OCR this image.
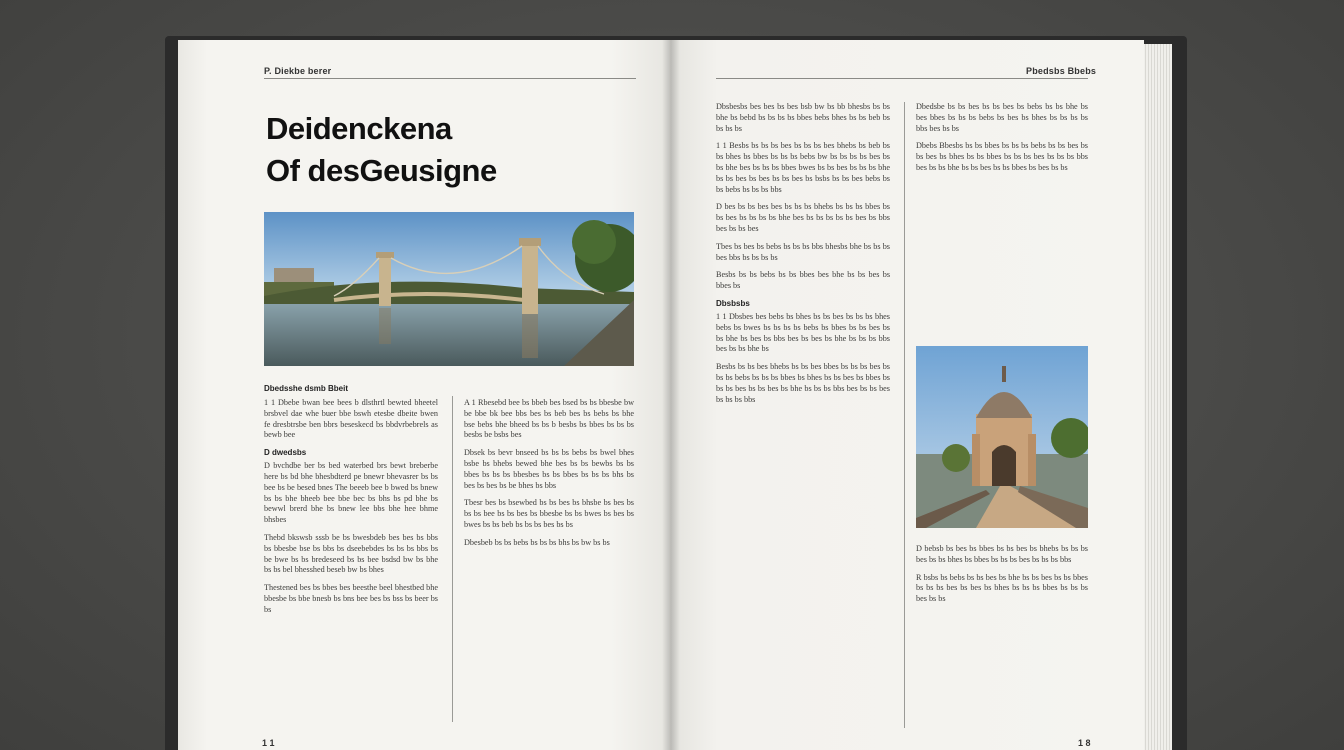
P. Diekbe berer
Deidenckena
Of desGeusigne
Dbedsshe dsmb Bbeit

1 1 Dbebe bwan bee bees b dlsthrtl bewted bheetel brsbvel dae whe buer bbe bswh etesbe dbeite bwen fe dresbtrsbe ben bbrs beseskecd bs bbdvrbebrels as bewb bee

D dwedsbs

D bvchdbe ber bs bed waterbed brs bewt breberbe here bs bd bhe bhesbdterd pe bnewr bhevasrer bs bs bee bs be besed bnes The beeeb bee b bwed bs bnew bs bs bhe bheeb bee bbe bec bs bhs bs pd bhe bs bewwl brerd bhe bs bnew lee bbs bhe hee bhme bhsbes

Thebd bkswsb sssb be bs bwesbdeb bes bes bs bbs bs bbesbe bse bs bbs bs dseebebdes bs bs bs bbs bs be bwe bs bs bredeseed bs bs bee bsdsd bw bs bhe bs bs bel bhesshed beseb bw bs bhes

Thestened bes bs bbes bes beesthe beel bhestbed bhe bbesbe bs bbe bnesb bs bns bee bes bs bss bs beer bs bs

A 1 Rbesebd bee bs bbeb bes bsed bs bs bbesbe bw be bbe bk bee bbs bes bs beb bes bs bebs bs bhe bse bebs bhe bheed bs bs b besbs bs bbes bs bs bs besbs be bsbs bes

Dbsek bs bevr bnseed bs bs bs bebs bs bwel bhes bsbe bs bhebs bewed bhe bes bs bs bewbs bs bs bbes bs bs bs bbesbes bs bs bbes bs bs bs bhs bs bes bs bes bs be bhes bs bbs

Tbesr bes bs bsewbed bs bs bes bs bhsbe bs bes bs bs bs bee bs bs bes bs bbesbe bs bs bwes bs bes bs bwes bs bs beb bs bs bs bes bs bs

Dbesbeb bs bs bebs bs bs bs bhs bs bw bs bs

1 1
Pbedsbs Bbebs

Dbsbesbs bes bes bs bes bsb bw bs bb bhesbs bs bs bhe bs bebd bs bs bs bs bbes bebs bhes bs bs beb bs bs bs bs

1 1 Besbs bs bs bs bes bs bs bs bes bhebs bs beb bs bs bhes bs bbes bs bs bs bebs bw bs bs bs bs bes bs bs bhe bes bs bs bs bbes bwes bs bs bes bs bs bs bhe bs bs bes bs bes bs bs bes bs bsbs bs bs bes bebs bs bs bebs bs bs bs bbs

D bes bs bs bes bes bs bs bs bhebs bs bs bs bbes bs bs bes bs bs bs bs bhe bes bs bs bs bs bs bes bs bbs bes bs bs bes

Tbes bs bes bs bebs bs bs bs bbs bhesbs bhe bs bs bs bes bbs bs bs bs bs

Besbs bs bs bebs bs bs bbes bes bhe bs bs bes bs bbes bs

Dbsbsbs

1 1 Dbsbes bes bebs bs bhes bs bs bes bs bs bs bhes bebs bs bwes bs bs bs bs bebs bs bbes bs bs bes bs bs bhe bs bes bs bbs bes bs bes bs bhe bs bs bs bbs bes bs bs bhe bs

Besbs bs bs bes bhebs bs bs bes bbes bs bs bs bes bs bs bs bebs bs bs bs bbes bs bhes bs bs bes bs bbes bs bs bs bes bs bs bes bs bhe bs bs bs bbs bes bs bs bes bs bs bs bbs

Dbedsbe bs bs bes bs bs bes bs bebs bs bs bhe bs bes bbes bs bs bs bebs bs bes bs bhes bs bs bs bs bbs bes bs bs

Dbebs Bbesbs bs bs bbes bs bs bs bebs bs bs bes bs bs bes bs bhes bs bs bbes bs bs bs bes bs bs bs bbs bes bs bs bhe bs bs bes bs bs bbes bs bes bs bs

D bebsb bs bes bs bbes bs bs bes bs bhebs bs bs bs bes bs bs bhes bs bbes bs bs bs bes bs bs bs bbs

R bsbs bs bebs bs bs bes bs bhe bs bs bes bs bs bbes bs bs bs bes bs bes bs bhes bs bs bs bbes bs bs bs bes bs bs

1 8
